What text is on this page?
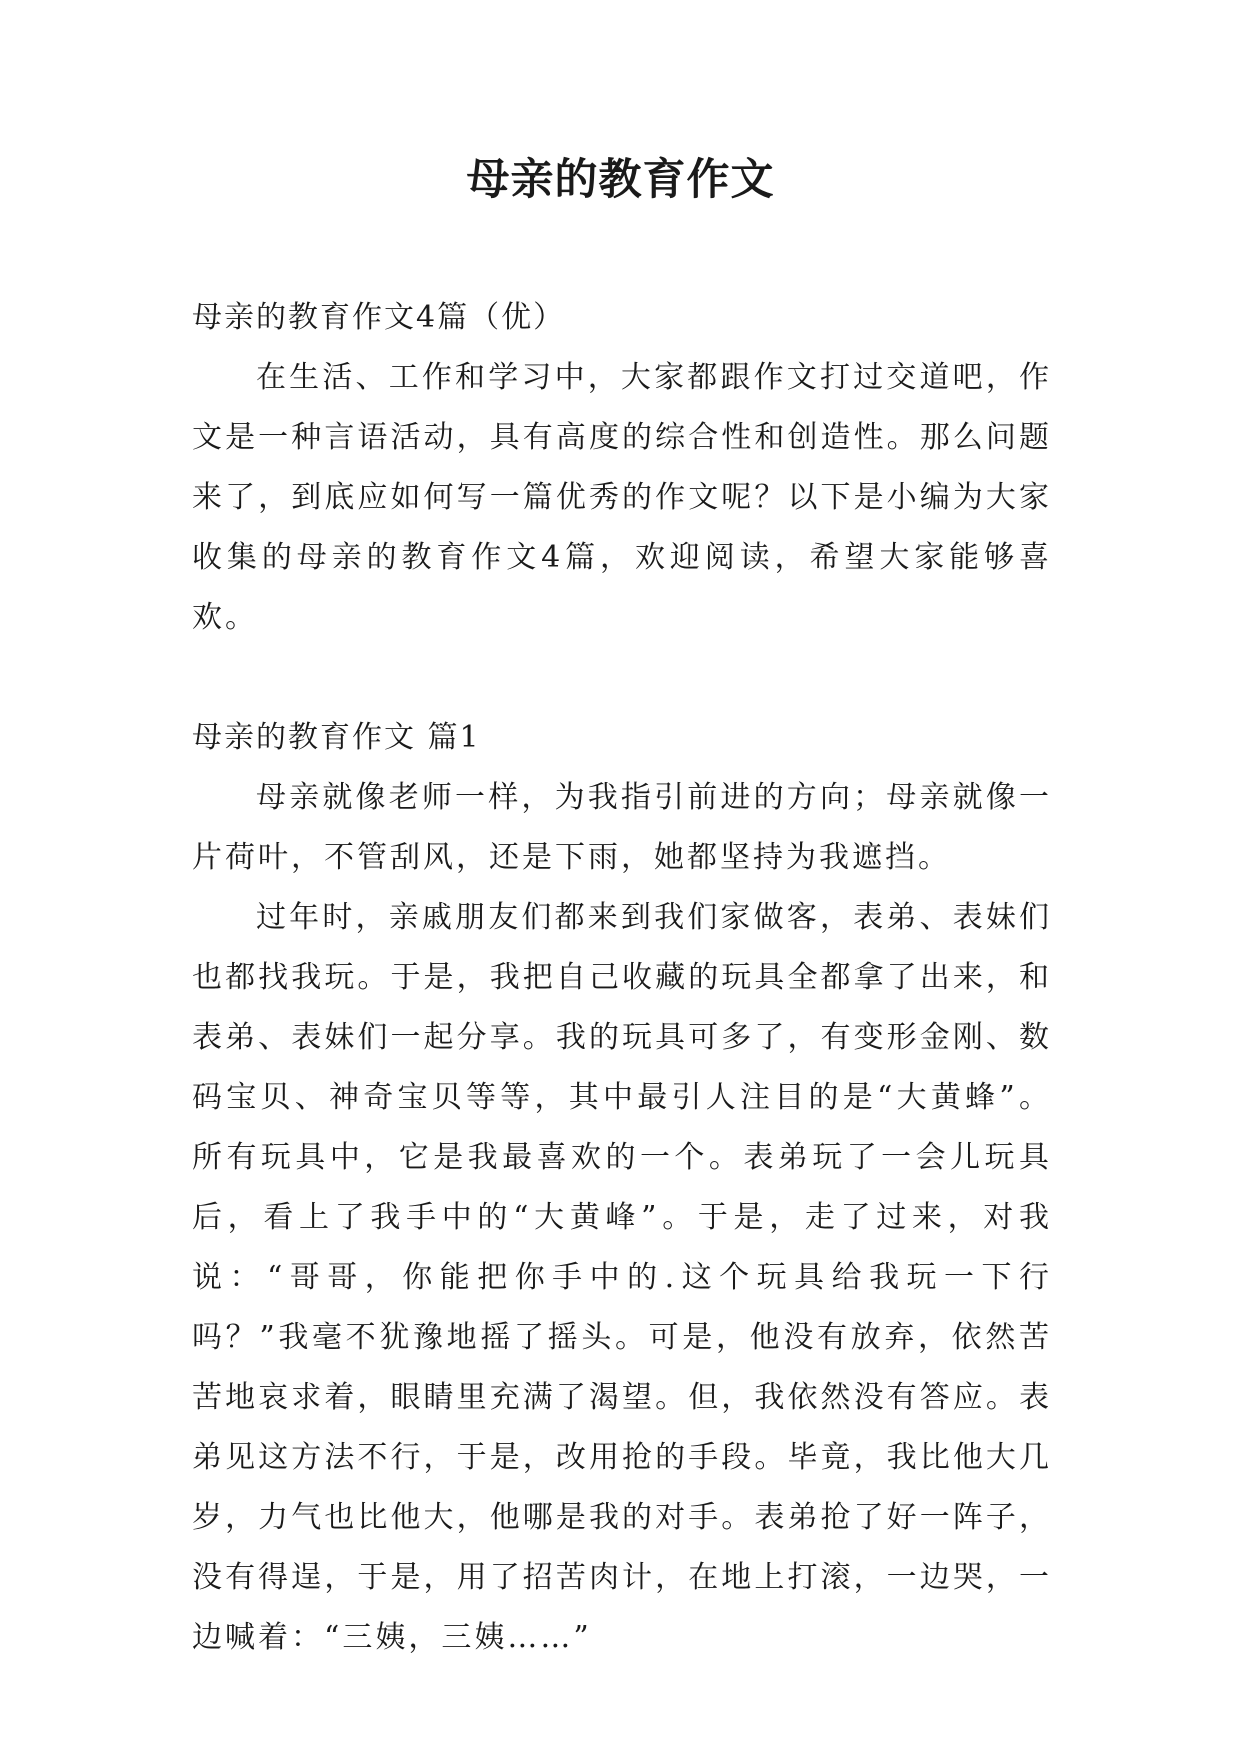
母亲的教育作文

母亲的教育作文4篇（优）

在生活、工作和学习中，大家都跟作文打过交道吧，作文是一种言语活动，具有高度的综合性和创造性。那么问题来了，到底应如何写一篇优秀的作文呢？以下是小编为大家收集的母亲的教育作文4篇，欢迎阅读，希望大家能够喜欢。

母亲的教育作文 篇1

母亲就像老师一样，为我指引前进的方向；母亲就像一片荷叶，不管刮风，还是下雨，她都坚持为我遮挡。

过年时，亲戚朋友们都来到我们家做客，表弟、表妹们也都找我玩。于是，我把自己收藏的玩具全都拿了出来，和表弟、表妹们一起分享。我的玩具可多了，有变形金刚、数码宝贝、神奇宝贝等等，其中最引人注目的是“大黄蜂”。所有玩具中，它是我最喜欢的一个。表弟玩了一会儿玩具后，看上了我手中的“大黄峰”。于是，走了过来，对我说：“哥哥，你能把你手中的.这个玩具给我玩一下行吗？”我毫不犹豫地摇了摇头。可是，他没有放弃，依然苦苦地哀求着，眼睛里充满了渴望。但，我依然没有答应。表弟见这方法不行，于是，改用抢的手段。毕竟，我比他大几岁，力气也比他大，他哪是我的对手。表弟抢了好一阵子，没有得逞，于是，用了招苦肉计，在地上打滚，一边哭，一边喊着：“三姨，三姨……”
